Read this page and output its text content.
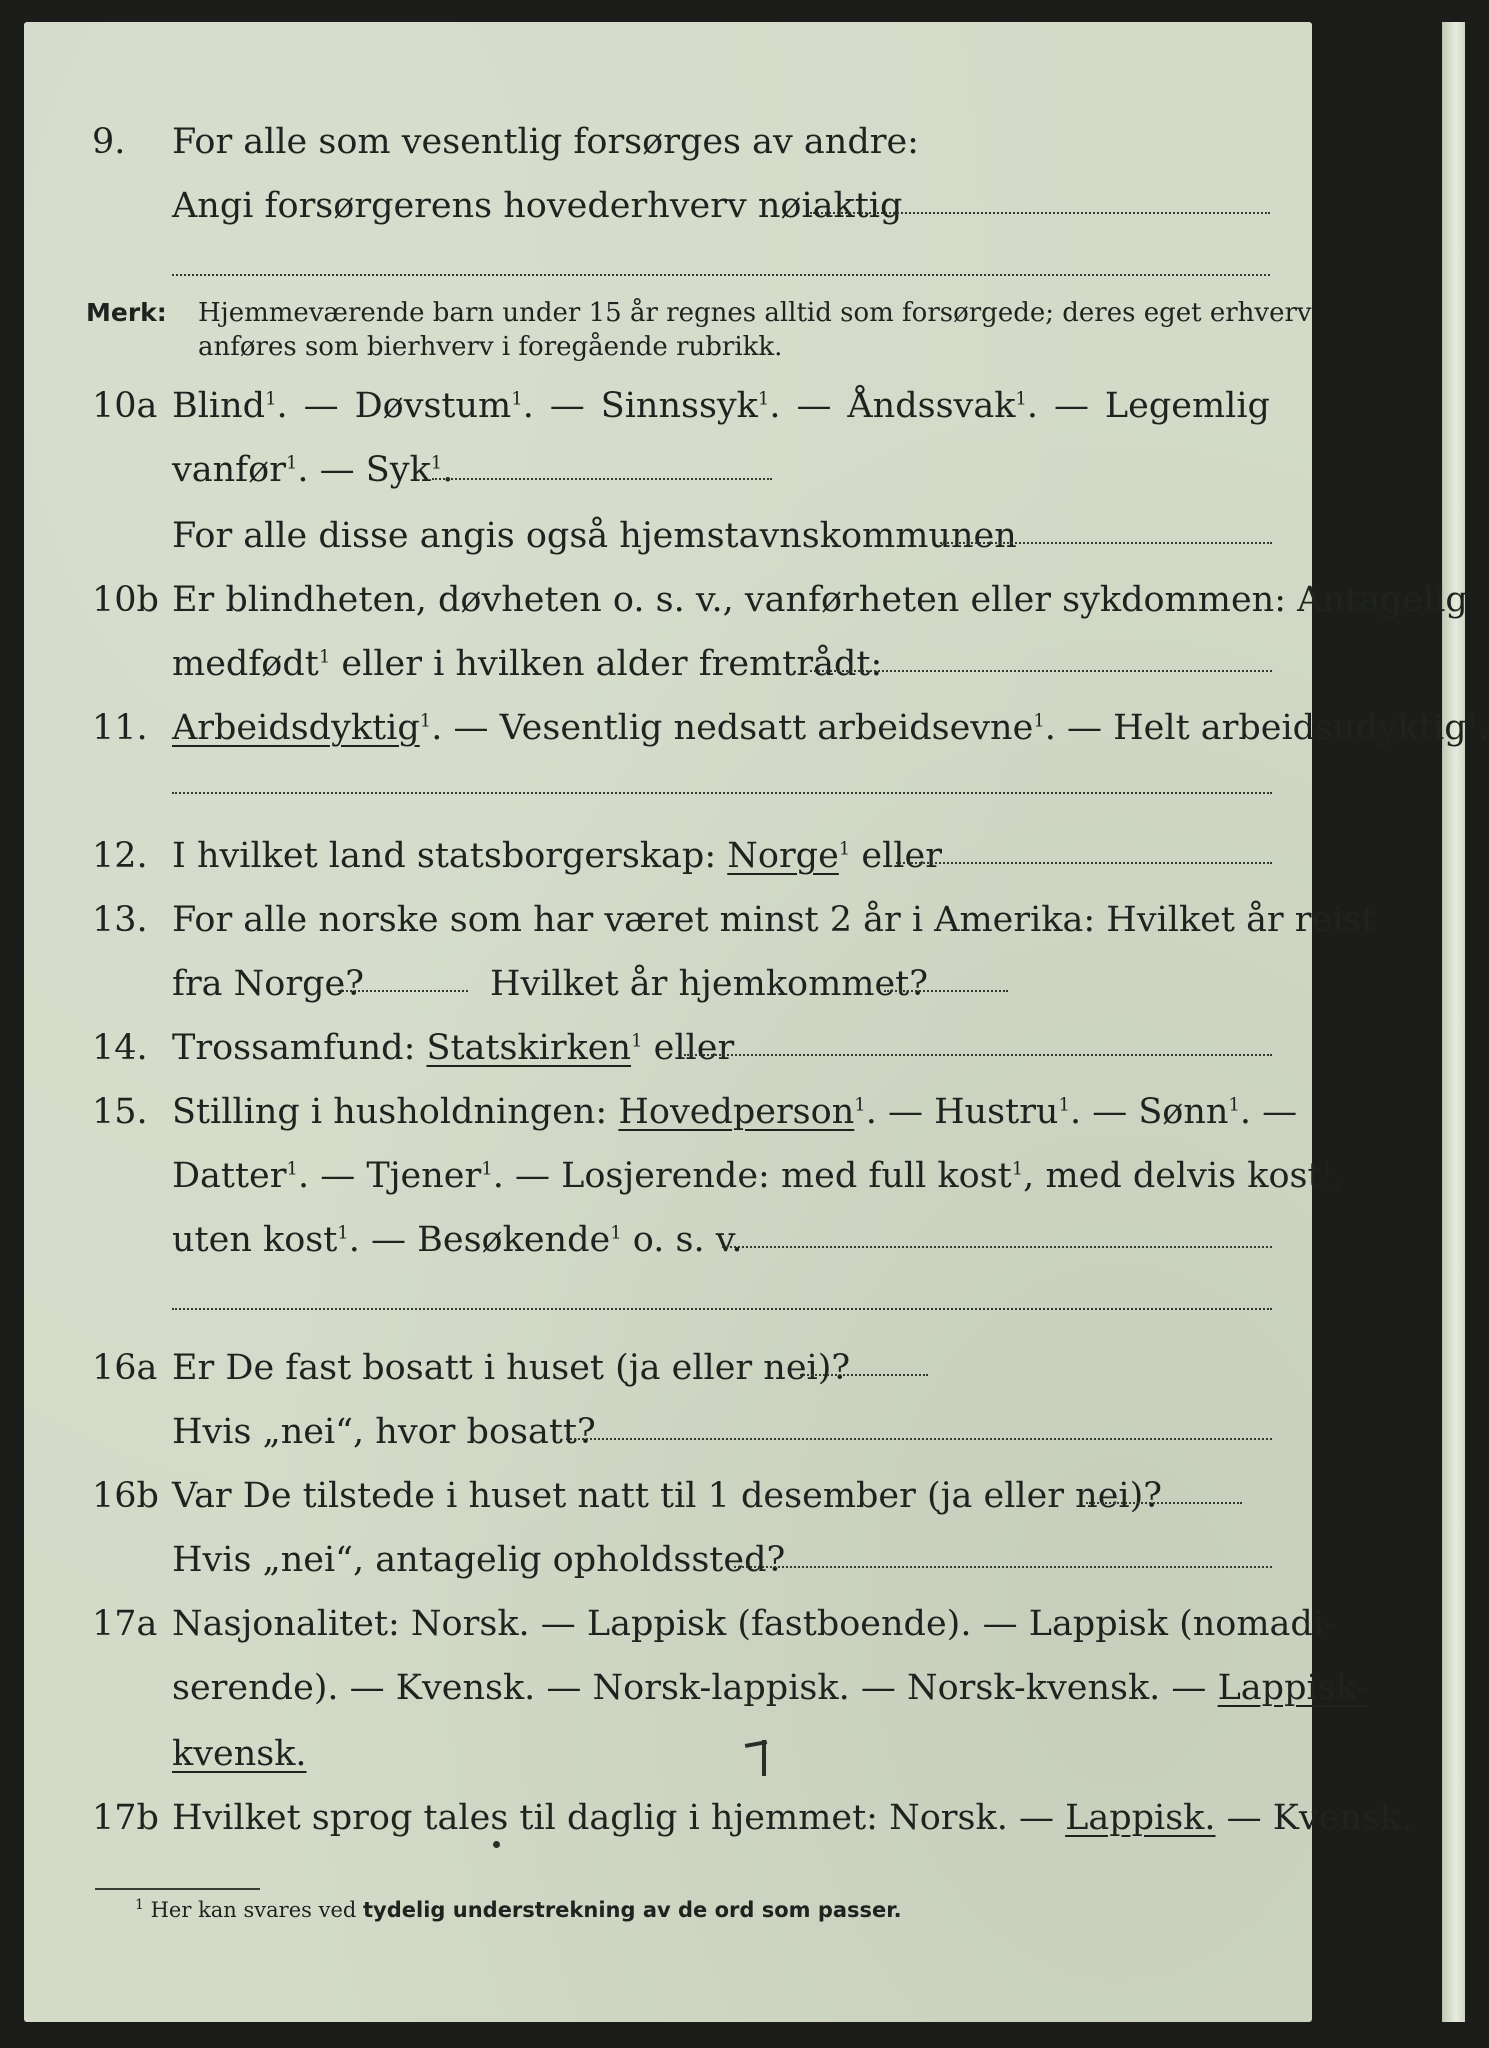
9. For alle som vesentlig forsørges av andre:
Angi forsørgerens hovederhverv nøiaktig
Merk: Hjemmeværende barn under 15 år regnes alltid som forsørgede; deres eget erhverv
anføres som bierhverv i foregående rubrikk.
10a Blind$^1$. — Døvstum$^1$. — Sinnssyk$^1$. — Åndssvak$^1$. — Legemlig
vanfør$^1$. — Syk$^1$.
For alle disse angis også hjemstavnskommunen
10b Er blindheten, døvheten o. s. v., vanførheten eller sykdommen: Antagelig
medfødt$^1$ eller i hvilken alder fremtrådt:
11. Arbeidsdyktig$^1$. — Vesentlig nedsatt arbeidsevne$^1$. — Helt arbeidsudyktig$^1$.
12. I hvilket land statsborgerskap: Norge$^1$ eller
13. For alle norske som har været minst 2 år i Amerika: Hvilket år reist
fra Norge?	Hvilket år hjemkommet?
14. Trossamfund: Statskirken$^1$ eller
15. Stilling i husholdningen: Hovedperson$^1$. — Hustru$^1$. — Sønn$^1$. —
Datter$^1$. — Tjener$^1$. — Losjerende: med full kost$^1$, med delvis kost$^1$,
uten kost$^1$. — Besøkende$^1$ o. s. v.
16a Er De fast bosatt i huset (ja eller nei)?
Hvis „nei“, hvor bosatt?
16b Var De tilstede i huset natt til 1 desember (ja eller nei)?
Hvis „nei“, antagelig opholdssted?
17a Nasjonalitet: Norsk. — Lappisk (fastboende). — Lappisk (nomadi-
serende). — Kvensk. — Norsk-lappisk. — Norsk-kvensk. — Lappisk-
kvensk.
17b Hvilket sprog tales til daglig i hjemmet: Norsk. — Lappisk. — Kvensk.
$^1$ Her kan svares ved tydelig understrekning av de ord som passer.
